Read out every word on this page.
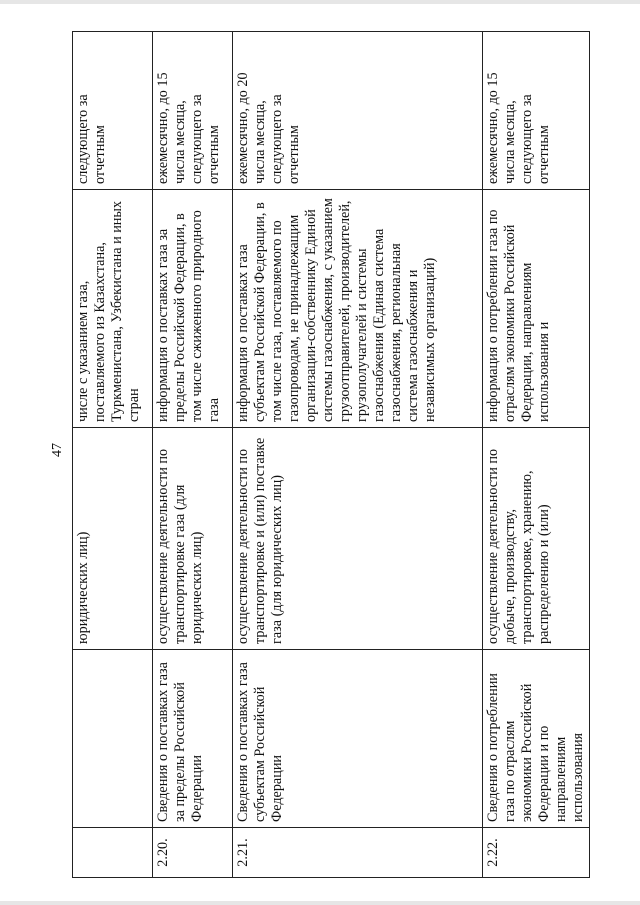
47
		юридических лиц)	числе с указанием газа, поставляемого из Казахстана, Туркменистана, Узбекистана и иных стран	следующего за отчетным
2.20.	Сведения о поставках газа за пределы Российской Федерации	осуществление деятельности по транспортировке газа (для юридических лиц)	информация о поставках газа за пределы Российской Федерации, в том числе сжиженного природного газа	ежемесячно, до 15 числа месяца, следующего за отчетным
2.21.	Сведения о поставках газа субъектам Российской Федерации	осуществление деятельности по транспортировке и (или) поставке газа (для юридических лиц)	информация о поставках газа субъектам Российской Федерации, в том числе газа, поставляемого по газопроводам, не принадлежащим организации-собственнику Единой системы газоснабжения, с указанием грузоотправителей, производителей, грузополучателей и системы газоснабжения (Единая система газоснабжения, региональная система газоснабжения и независимых организаций)	ежемесячно, до 20 числа месяца, следующего за отчетным
2.22.	Сведения о потреблении газа по отраслям экономики Российской Федерации и по направлениям использования	осуществление деятельности по добыче, производству, транспортировке, хранению, распределению и (или)	информация о потреблении газа по отраслям экономики Российской Федерации, направлениям использования и	ежемесячно, до 15 числа месяца, следующего за отчетным
